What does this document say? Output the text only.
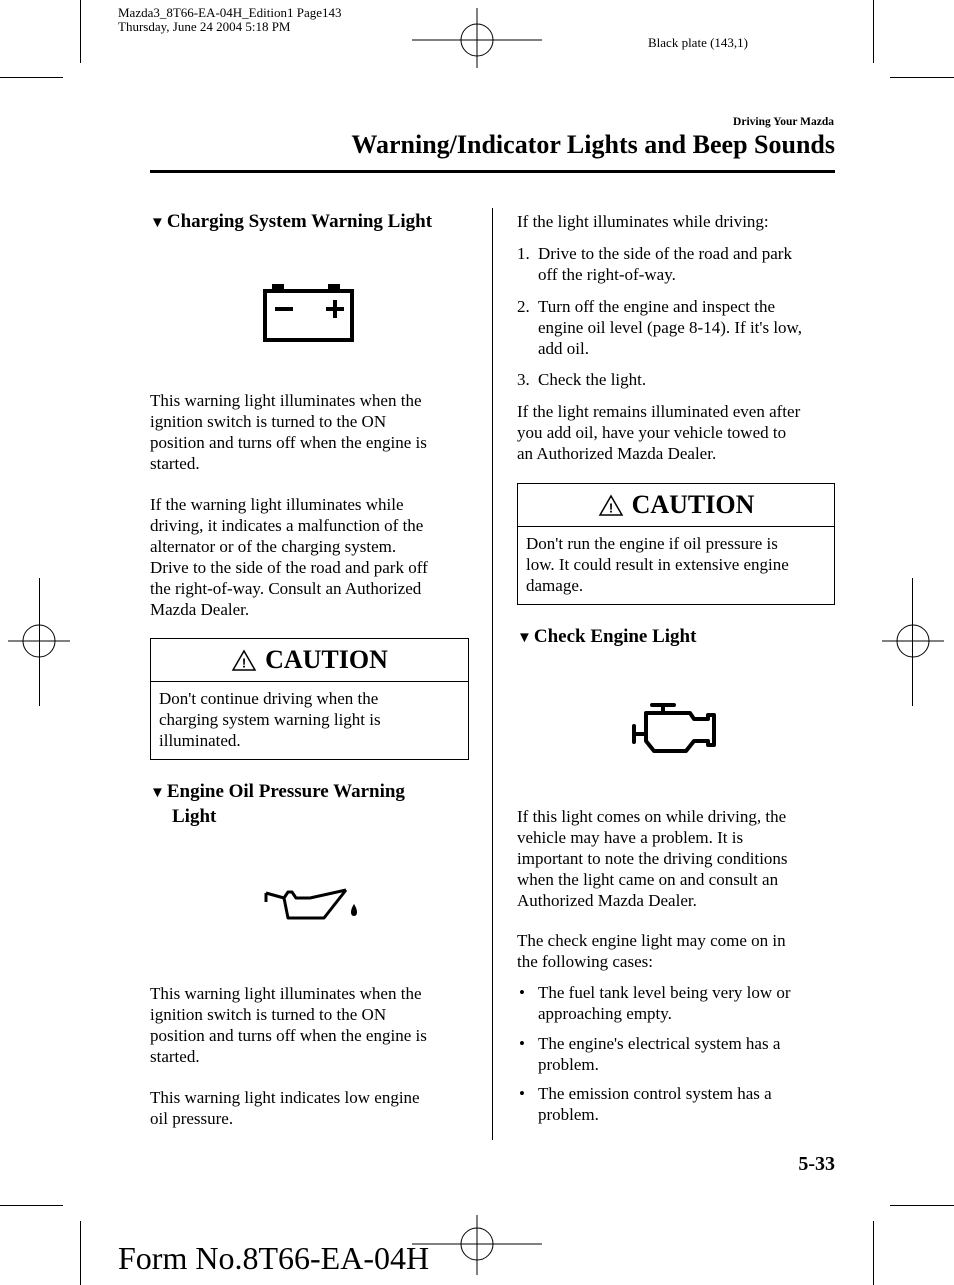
Mazda3_8T66-EA-04H_Edition1 Page143
Thursday, June 24 2004 5:18 PM
Black plate (143,1)
Driving Your Mazda
Warning/Indicator Lights and Beep Sounds
▼ Charging System Warning Light
This warning light illuminates when the
ignition switch is turned to the ON
position and turns off when the engine is
started.
If the warning light illuminates while
driving, it indicates a malfunction of the
alternator or of the charging system.
Drive to the side of the road and park off
the right-of-way. Consult an Authorized
Mazda Dealer.
! CAUTION
Don't continue driving when the
charging system warning light is
illuminated.
▼ Engine Oil Pressure Warning
Light
This warning light illuminates when the
ignition switch is turned to the ON
position and turns off when the engine is
started.
This warning light indicates low engine
oil pressure.
If the light illuminates while driving:
1. Drive to the side of the road and park
off the right-of-way.
2. Turn off the engine and inspect the
engine oil level (page 8-14). If it's low,
add oil.
3. Check the light.
If the light remains illuminated even after
you add oil, have your vehicle towed to
an Authorized Mazda Dealer.
! CAUTION
Don't run the engine if oil pressure is
low. It could result in extensive engine
damage.
▼ Check Engine Light
If this light comes on while driving, the
vehicle may have a problem. It is
important to note the driving conditions
when the light came on and consult an
Authorized Mazda Dealer.
The check engine light may come on in
the following cases:
• The fuel tank level being very low or
approaching empty.
• The engine's electrical system has a
problem.
• The emission control system has a
problem.
5-33
Form No.8T66-EA-04H
